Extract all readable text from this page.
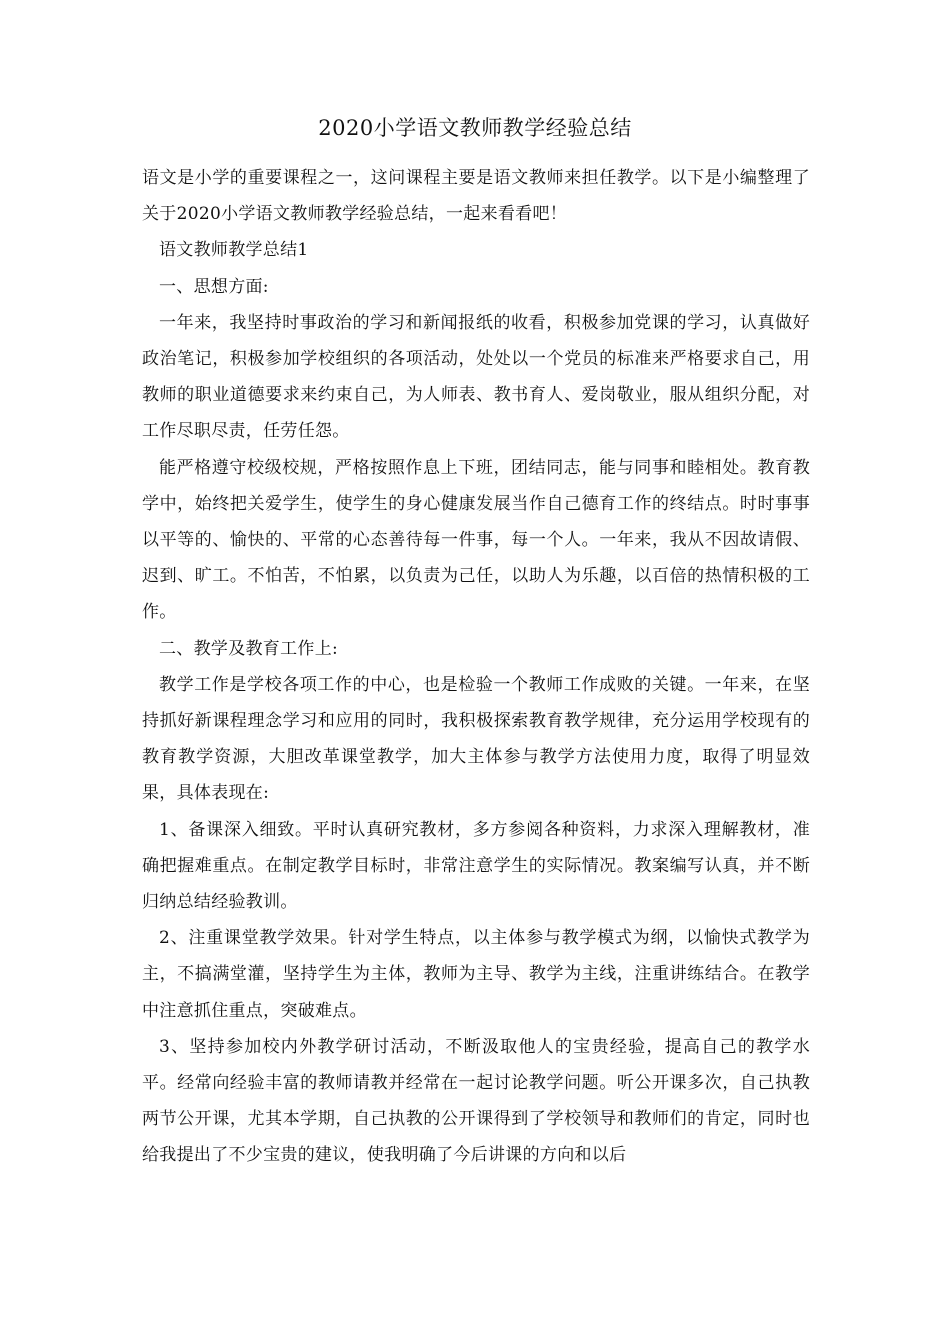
2020小学语文教师教学经验总结

语文是小学的重要课程之一，这问课程主要是语文教师来担任教学。以下是小编整理了关于2020小学语文教师教学经验总结，一起来看看吧！

语文教师教学总结1

一、思想方面:

一年来，我坚持时事政治的学习和新闻报纸的收看，积极参加党课的学习，认真做好政治笔记，积极参加学校组织的各项活动，处处以一个党员的标准来严格要求自己，用教师的职业道德要求来约束自己，为人师表、教书育人、爱岗敬业，服从组织分配，对工作尽职尽责，任劳任怨。

能严格遵守校级校规，严格按照作息上下班，团结同志，能与同事和睦相处。教育教学中，始终把关爱学生，使学生的身心健康发展当作自己德育工作的终结点。时时事事以平等的、愉快的、平常的心态善待每一件事，每一个人。一年来，我从不因故请假、迟到、旷工。不怕苦，不怕累，以负责为己任，以助人为乐趣，以百倍的热情积极的工作。

二、教学及教育工作上:

教学工作是学校各项工作的中心，也是检验一个教师工作成败的关键。一年来，在坚持抓好新课程理念学习和应用的同时，我积极探索教育教学规律，充分运用学校现有的教育教学资源，大胆改革课堂教学，加大主体参与教学方法使用力度，取得了明显效果，具体表现在:

1、备课深入细致。平时认真研究教材，多方参阅各种资料，力求深入理解教材，准确把握难重点。在制定教学目标时，非常注意学生的实际情况。教案编写认真，并不断归纳总结经验教训。

2、注重课堂教学效果。针对学生特点，以主体参与教学模式为纲，以愉快式教学为主，不搞满堂灌，坚持学生为主体，教师为主导、教学为主线，注重讲练结合。在教学中注意抓住重点，突破难点。

3、坚持参加校内外教学研讨活动，不断汲取他人的宝贵经验，提高自己的教学水平。经常向经验丰富的教师请教并经常在一起讨论教学问题。听公开课多次，自己执教两节公开课，尤其本学期，自己执教的公开课得到了学校领导和教师们的肯定，同时也给我提出了不少宝贵的建议，使我明确了今后讲课的方向和以后
